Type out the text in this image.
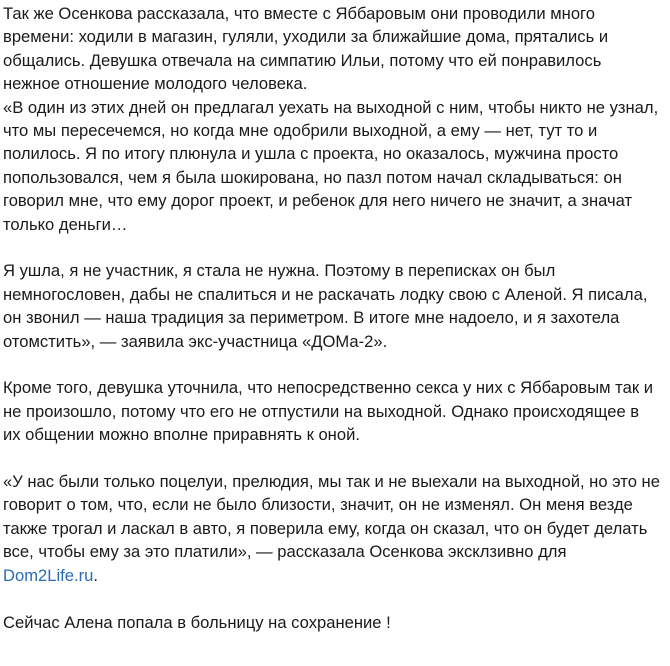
Так же Осенкова рассказала, что вместе с Яббаровым они проводили много времени: ходили в магазин, гуляли, уходили за ближайшие дома, прятались и общались. Девушка отвечала на симпатию Ильи, потому что ей понравилось нежное отношение молодого человека.

«В один из этих дней он предлагал уехать на выходной с ним, чтобы никто не узнал, что мы пересечемся, но когда мне одобрили выходной, а ему — нет, тут то и полилось. Я по итогу плюнула и ушла с проекта, но оказалось, мужчина просто попользовался, чем я была шокирована, но пазл потом начал складываться: он говорил мне, что ему дорог проект, и ребенок для него ничего не значит, а значат только деньги…

Я ушла, я не участник, я стала не нужна. Поэтому в переписках он был немногословен, дабы не спалиться и не раскачать лодку свою с Аленой. Я писала, он звонил — наша традиция за периметром. В итоге мне надоело, и я захотела отомстить», — заявила экс-участница «ДОМа-2».

Кроме того, девушка уточнила, что непосредственно секса у них с Яббаровым так и не произошло, потому что его не отпустили на выходной. Однако происходящее в их общении можно вполне приравнять к оной.

«У нас были только поцелуи, прелюдия, мы так и не выехали на выходной, но это не говорит о том, что, если не было близости, значит, он не изменял. Он меня везде также трогал и ласкал в авто, я поверила ему, когда он сказал, что он будет делать все, чтобы ему за это платили», — рассказала Осенкова эксклзивно для Dom2Life.ru.

Сейчас Алена попала в больницу на сохранение !
